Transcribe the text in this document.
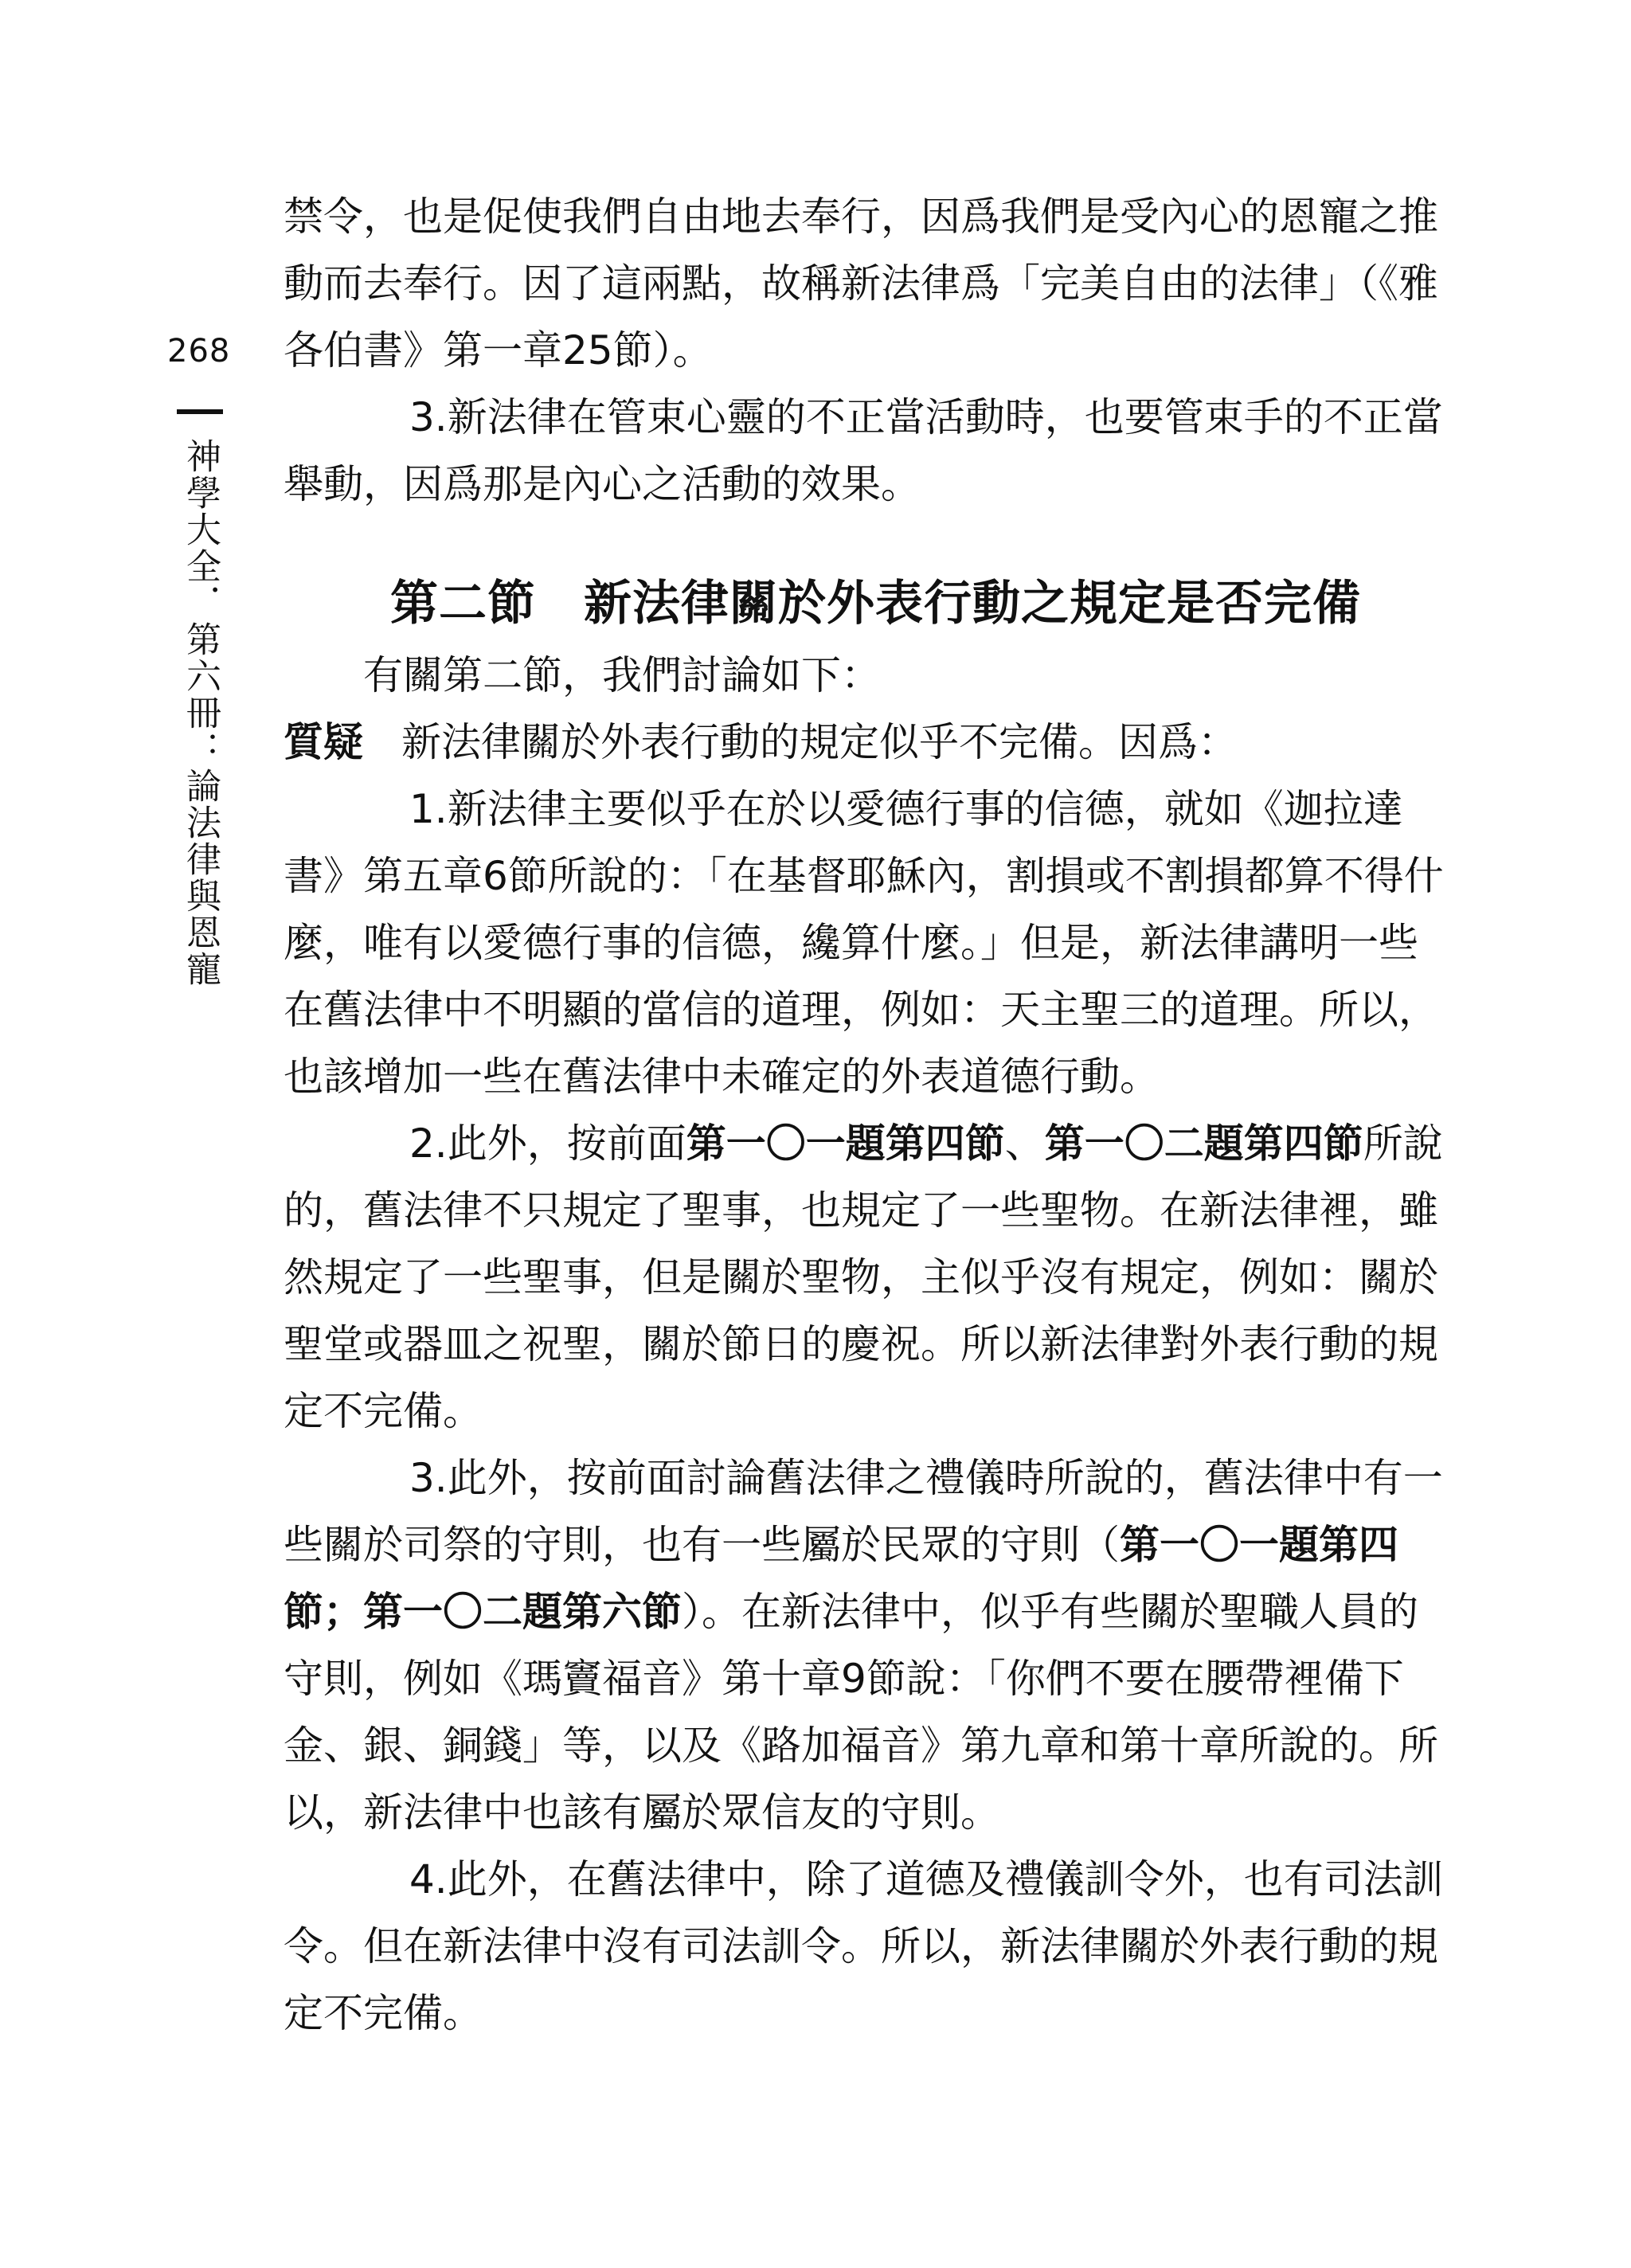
268
神學大全．第六冊：論法律與恩寵

禁令，也是促使我們自由地去奉行，因爲我們是受內心的恩寵之推動而去奉行。因了這兩點，故稱新法律爲「完美自由的法律」（《雅各伯書》第一章25節）。

3.新法律在管束心靈的不正當活動時，也要管束手的不正當舉動，因爲那是內心之活動的效果。

第二節 新法律關於外表行動之規定是否完備

有關第二節，我們討論如下：

質疑 新法律關於外表行動的規定似乎不完備。因爲：

1.新法律主要似乎在於以愛德行事的信德，就如《迦拉達書》第五章6節所說的：「在基督耶穌內，割損或不割損都算不得什麼，唯有以愛德行事的信德，纔算什麼。」但是，新法律講明一些在舊法律中不明顯的當信的道理，例如：天主聖三的道理。所以，也該增加一些在舊法律中未確定的外表道德行動。

2.此外，按前面第一〇一題第四節、第一〇二題第四節所說的，舊法律不只規定了聖事，也規定了一些聖物。在新法律裡，雖然規定了一些聖事，但是關於聖物，主似乎沒有規定，例如：關於聖堂或器皿之祝聖，關於節日的慶祝。所以新法律對外表行動的規定不完備。

3.此外，按前面討論舊法律之禮儀時所說的，舊法律中有一些關於司祭的守則，也有一些屬於民眾的守則（第一〇一題第四節；第一〇二題第六節）。在新法律中，似乎有些關於聖職人員的守則，例如《瑪竇福音》第十章9節說：「你們不要在腰帶裡備下金、銀、銅錢」等，以及《路加福音》第九章和第十章所說的。所以，新法律中也該有屬於眾信友的守則。

4.此外，在舊法律中，除了道德及禮儀訓令外，也有司法訓令。但在新法律中沒有司法訓令。所以，新法律關於外表行動的規定不完備。
